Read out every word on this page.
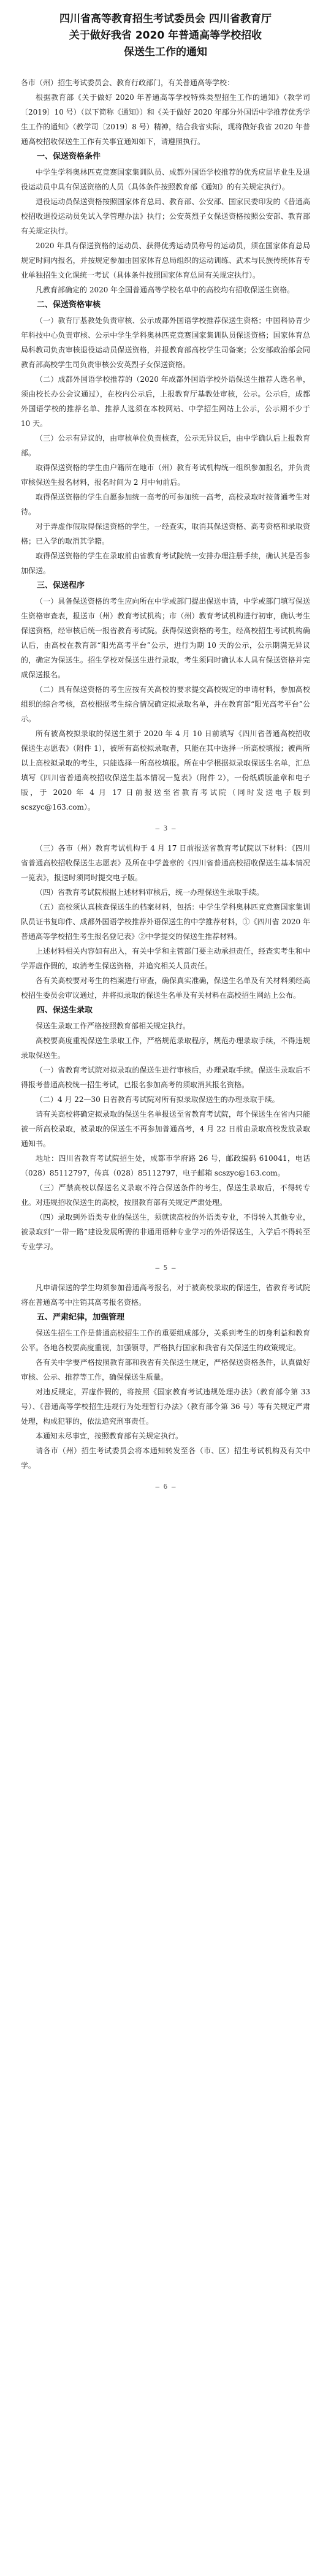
四川省高等教育招生考试委员会 四川省教育厅
关于做好我省 2020 年普通高等学校招收
保送生工作的通知

各市（州）招生考试委员会、教育行政部门，有关普通高等学校：

根据教育部《关于做好 2020 年普通高等学校特殊类型招生工作的通知》（教学司〔2019〕10 号）（以下简称《通知》）和《关于做好 2020 年部分外国语中学推荐优秀学生工作的通知》（教学司〔2019〕8 号）精神，结合我省实际，现将做好我省 2020 年普通高校招收保送生工作有关事宜通知如下，请遵照执行。

一、保送资格条件

中学生学科奥林匹克竞赛国家集训队员、成都外国语学校推荐的优秀应届毕业生及退役运动员中具有保送资格的人员（具体条件按照教育部《通知》的有关规定执行）。

退役运动员保送资格按照国家体育总局、教育部、公安部、国家民委印发的《普通高校招收退役运动员免试入学管理办法》执行；公安英烈子女保送资格按照公安部、教育部有关规定执行。

2020 年具有保送资格的运动员、获得优秀运动员称号的运动员，须在国家体育总局规定时间内报名，并按规定参加由国家体育总局组织的运动训练、武术与民族传统体育专业单独招生文化课统一考试（具体条件按照国家体育总局有关规定执行）。

凡教育部确定的 2020 年全国普通高等学校名单中的高校均有招收保送生资格。

二、保送资格审核

（一）教育厅基教处负责审核、公示成都外国语学校推荐保送生资格；中国科协青少年科技中心负责审核、公示中学生学科奥林匹克竞赛国家集训队员保送资格；国家体育总局科教司负责审核退役运动员保送资格，并报教育部高校学生司备案；公安部政治部会同教育部高校学生司负责审核公安英烈子女保送资格。

（二）成都外国语学校推荐的（2020 年成都外国语学校外语保送生推荐人选名单，须由校长办公会议通过），在校内公示后，上报教育厅基教处审核，公示。公示后，成都外国语学校的推荐名单、推荐人选须在本校网站、中学招生网站上公示，公示期不少于 10 天。

（三）公示有异议的，由审核单位负责核查，公示无异议后，由中学确认后上报教育部。

取得保送资格的学生由户籍所在地市（州）教育考试机构统一组织参加报名，并负责审核保送生报名材料，报名时间为 2 月中旬前后。

取得保送资格的学生自愿参加统一高考的可参加统一高考，高校录取时按普通考生对待。

对于弄虚作假取得保送资格的学生，一经查实，取消其保送资格、高考资格和录取资格；已入学的取消其学籍。

取得保送资格的学生在录取前由省教育考试院统一安排办理注册手续，确认其是否参加保送。

三、保送程序

（一）具备保送资格的考生应向所在中学或部门提出保送申请，中学或部门填写保送生资格审查表，报送市（州）教育考试机构；市（州）教育考试机构进行初审，确认考生保送资格，经审核后统一报省教育考试院。获得保送资格的考生，经高校招生考试机构确认后，由高校在教育部“阳光高考平台”公示，进行为期 10 天的公示，公示期满无异议的，确定为保送生。招生学校对保送生进行录取，考生须同时确认本人具有保送资格并完成保送报名。

（二）具有保送资格的考生应按有关高校的要求提交高校规定的申请材料，参加高校组织的综合考核，高校根据考生综合情况确定拟录取名单，并在教育部“阳光高考平台”公示。

所有被高校拟录取的保送生须于 2020 年 4 月 10 日前填写《四川省普通高校招收保送生志愿表》（附件 1），被所有高校拟录取者，只能在其中选择一所高校填报；被两所以上高校拟录取的考生，只能选择一所高校填报。所在中学根据拟录取保送生名单，汇总填写《四川省普通高校招收保送生基本情况一览表》（附件 2），一份纸质版盖章和电子版，于 2020 年 4 月 17 日前报送至省教育考试院（同时发送电子版到 scszyc@163.com）。

— 3 —

（三）各市（州）教育考试机构于 4 月 17 日前报送省教育考试院以下材料：《四川省普通高校招收保送生志愿表》及所在中学盖章的《四川省普通高校招收保送生基本情况一览表》，报送时须同时提交电子版。

（四）省教育考试院根据上述材料审核后，统一办理保送生录取手续。

（五）高校须认真核查保送生的档案材料，包括：中学生学科奥林匹克竞赛国家集训队员证书复印件、成都外国语学校推荐外语保送生的中学推荐材料，①《四川省 2020 年普通高等学校招生考生报名登记表》②中学提交的保送生推荐材料。

上述材料相关内容如有出入，有关中学和主管部门要主动承担责任，经查实考生和中学弄虚作假的，取消考生保送资格，并追究相关人员责任。

各有关高校要对考生的档案进行审查，确保真实准确，保送生名单及有关材料须经高校招生委员会审议通过，并将拟录取的保送生名单及有关材料在高校招生网站上公布。

四、保送生录取

保送生录取工作严格按照教育部相关规定执行。

高校要高度重视保送生录取工作，严格规范录取程序，规范办理录取手续，不得违规录取保送生。

（一）省教育考试院对拟录取的保送生进行审核后，办理录取手续。保送生录取后不得报考普通高校统一招生考试，已报名参加高考的须取消其报名资格。

（二）4 月 22—30 日省教育考试院对所有拟录取保送生的办理录取手续。

请有关高校将确定拟录取的保送生名单报送至省教育考试院，每个保送生在省内只能被一所高校录取，被录取的保送生不再参加普通高考，4 月 22 日前由录取高校发放录取通知书。

地址：四川省教育考试院招生处，成都市学府路 26 号，邮政编码 610041，电话（028）85112797，传真（028）85112797，电子邮箱 scszyc@163.com。

（三）严禁高校以保送名义录取不符合保送条件的考生，保送生录取后，不得转专业。对违规招收保送生的高校，按照教育部有关规定严肃处理。

（四）录取到外语类专业的保送生，须就读高校的外语类专业，不得转入其他专业，被录取到“一带一路”建设发展所需的非通用语种专业学习的外语保送生，入学后不得转至专业学习。

— 5 —

凡申请保送的学生均须参加普通高考报名，对于被高校录取的保送生，省教育考试院将在普通高考中注销其高考报名资格。

五、严肃纪律，加强管理

保送生招生工作是普通高校招生工作的重要组成部分，关系到考生的切身利益和教育公平。各地各校要高度重视，加强领导，严格执行国家和我省有关保送生的政策规定。

各有关中学要严格按照教育部和我省有关保送生规定，严格保送资格条件，认真做好审核、公示、推荐等工作，确保保送生质量。

对违反规定，弄虚作假的，将按照《国家教育考试违规处理办法》（教育部令第 33 号）、《普通高等学校招生违规行为处理暂行办法》（教育部令第 36 号）等有关规定严肃处理，构成犯罪的，依法追究刑事责任。

本通知未尽事宜，按照教育部有关规定执行。

请各市（州）招生考试委员会将本通知转发至各（市、区）招生考试机构及有关中学。

— 6 —
